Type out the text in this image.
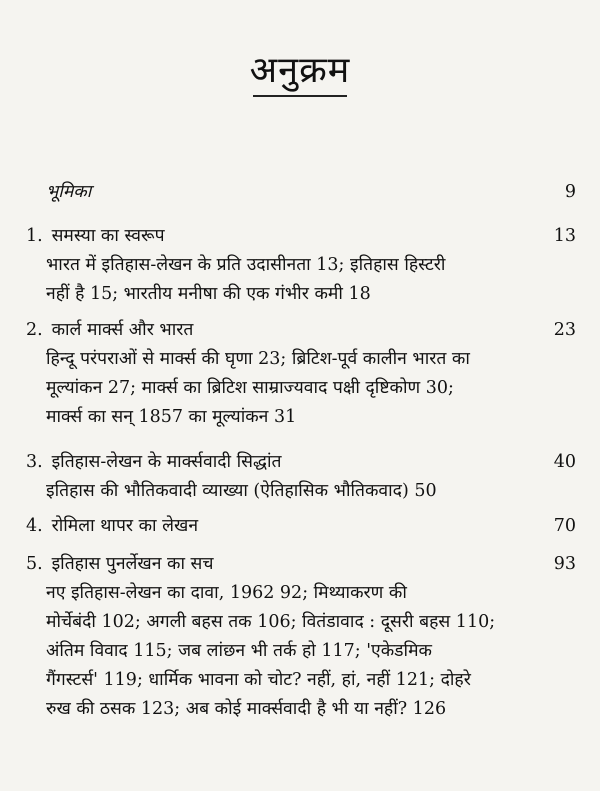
अनुक्रम
भूमिका	9
1. समस्या का स्वरूप	13
भारत में इतिहास-लेखन के प्रति उदासीनता 13; इतिहास हिस्टरी
नहीं है 15; भारतीय मनीषा की एक गंभीर कमी 18
2. कार्ल मार्क्स और भारत	23
हिन्दू परंपराओं से मार्क्स की घृणा 23; ब्रिटिश-पूर्व कालीन भारत का
मूल्यांकन 27; मार्क्स का ब्रिटिश साम्राज्यवाद पक्षी दृष्टिकोण 30;
मार्क्स का सन् 1857 का मूल्यांकन 31
3. इतिहास-लेखन के मार्क्सवादी सिद्धांत	40
इतिहास की भौतिकवादी व्याख्या (ऐतिहासिक भौतिकवाद) 50
4. रोमिला थापर का लेखन	70
5. इतिहास पुनर्लेखन का सच	93
नए इतिहास-लेखन का दावा, 1962 92; मिथ्याकरण की
मोर्चेबंदी 102; अगली बहस तक 106; वितंडावाद : दूसरी बहस 110;
अंतिम विवाद 115; जब लांछन भी तर्क हो 117; 'एकेडमिक
गैंगस्टर्स' 119; धार्मिक भावना को चोट? नहीं, हां, नहीं 121; दोहरे
रुख की ठसक 123; अब कोई मार्क्सवादी है भी या नहीं? 126
